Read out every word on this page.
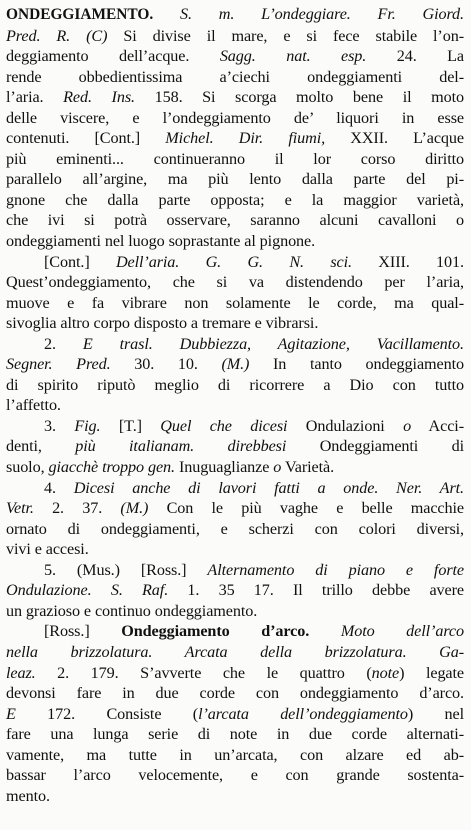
ONDEGGIAMENTO. S. m. L’ondeggiare. Fr. Giord.
Pred. R. (C) Si divise il mare, e si fece stabile l’on-
deggiamento dell’acque. Sagg. nat. esp. 24. La
rende obbedientissima a’ciechi ondeggiamenti del-
l’aria. Red. Ins. 158. Si scorga molto bene il moto
delle viscere, e l’ondeggiamento de’ liquori in esse
contenuti. [Cont.] Michel. Dir. fiumi, XXII. L’acque
più eminenti... continueranno il lor corso diritto
parallelo all’argine, ma più lento dalla parte del pi-
gnone che dalla parte opposta; e la maggior varietà,
che ivi si potrà osservare, saranno alcuni cavalloni o
ondeggiamenti nel luogo soprastante al pignone.
[Cont.] Dell’aria. G. G. N. sci. XIII. 101.
Quest’ondeggiamento, che si va distendendo per l’aria,
muove e fa vibrare non solamente le corde, ma qual-
sivoglia altro corpo disposto a tremare e vibrarsi.
2. E trasl. Dubbiezza, Agitazione, Vacillamento.
Segner. Pred. 30. 10. (M.) In tanto ondeggiamento
di spirito riputò meglio di ricorrere a Dio con tutto
l’affetto.
3. Fig. [T.] Quel che dicesi Ondulazioni o Acci-
denti, più italianam. direbbesi Ondeggiamenti di
suolo, giacchè troppo gen. Inuguaglianze o Varietà.
4. Dicesi anche di lavori fatti a onde. Ner. Art.
Vetr. 2. 37. (M.) Con le più vaghe e belle macchie
ornato di ondeggiamenti, e scherzi con colori diversi,
vivi e accesi.
5. (Mus.) [Ross.] Alternamento di piano e forte
Ondulazione. S. Raf. 1. 35 17. Il trillo debbe avere
un grazioso e continuo ondeggiamento.
[Ross.] Ondeggiamento d’arco. Moto dell’arco
nella brizzolatura. Arcata della brizzolatura. Ga-
leaz. 2. 179. S’avverte che le quattro (note) legate
devonsi fare in due corde con ondeggiamento d’arco.
E 172. Consiste (l’arcata dell’ondeggiamento) nel
fare una lunga serie di note in due corde alternati-
vamente, ma tutte in un’arcata, con alzare ed ab-
bassar l’arco velocemente, e con grande sostenta-
mento.
